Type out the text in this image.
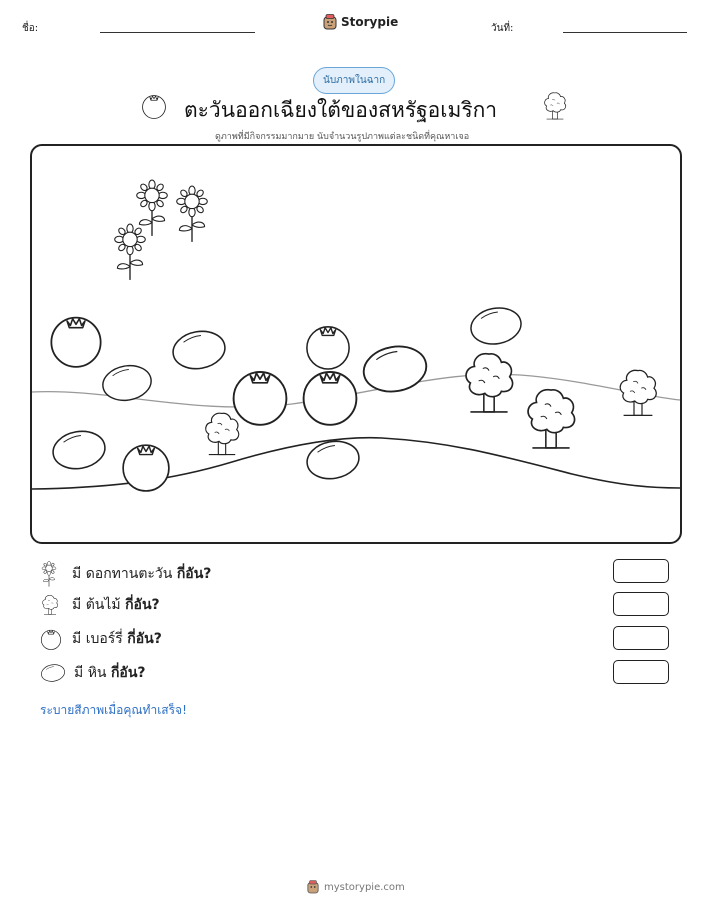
ชื่อ:	Storypie	วันที่:
นับภาพในฉาก
ตะวันออกเฉียงใต้ของสหรัฐอเมริกา
ดูภาพที่มีกิจกรรมมากมาย นับจำนวนรูปภาพแต่ละชนิดที่คุณหาเจอ
มี ดอกทานตะวัน กี่อัน?
มี ต้นไม้ กี่อัน?
มี เบอร์รี่ กี่อัน?
มี หิน กี่อัน?
ระบายสีภาพเมื่อคุณทำเสร็จ!
mystorypie.com
